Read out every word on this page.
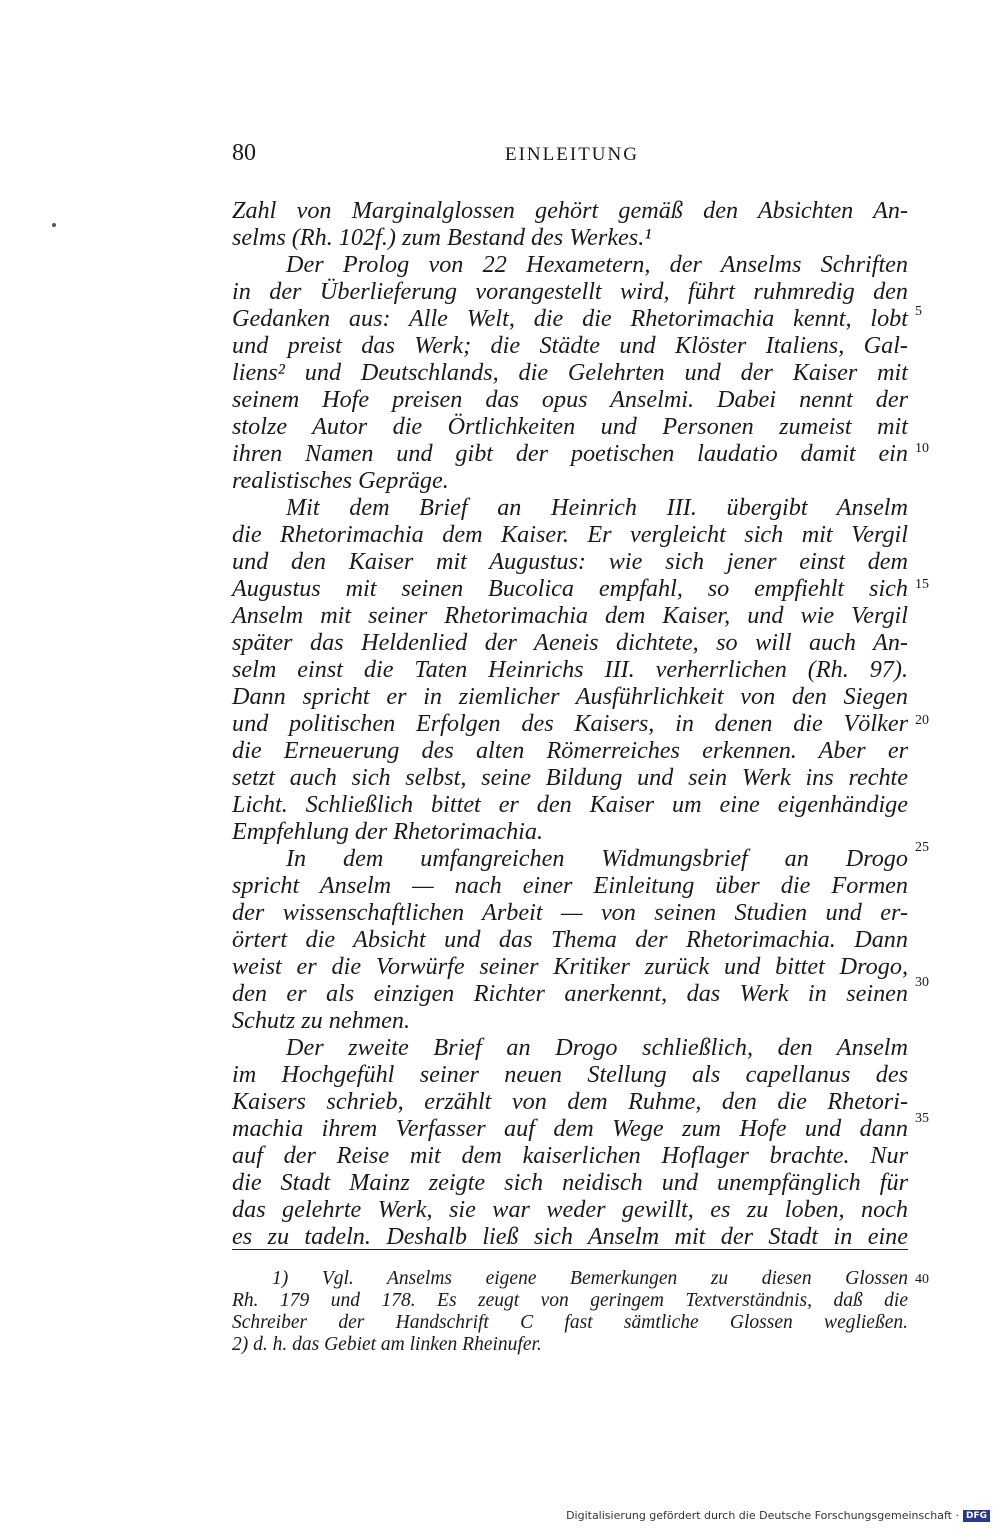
80	EINLEITUNG
Zahl von Marginalglossen gehört gemäß den Absichten An-
selms (Rh. 102f.) zum Bestand des Werkes.¹
Der Prolog von 22 Hexametern, der Anselms Schriften
in der Überlieferung vorangestellt wird, führt ruhmredig den
Gedanken aus: Alle Welt, die die Rhetorimachia kennt, lobt
und preist das Werk; die Städte und Klöster Italiens, Gal-
liens² und Deutschlands, die Gelehrten und der Kaiser mit
seinem Hofe preisen das opus Anselmi. Dabei nennt der
stolze Autor die Örtlichkeiten und Personen zumeist mit
ihren Namen und gibt der poetischen laudatio damit ein
realistisches Gepräge.
Mit dem Brief an Heinrich III. übergibt Anselm
die Rhetorimachia dem Kaiser. Er vergleicht sich mit Vergil
und den Kaiser mit Augustus: wie sich jener einst dem
Augustus mit seinen Bucolica empfahl, so empfiehlt sich
Anselm mit seiner Rhetorimachia dem Kaiser, und wie Vergil
später das Heldenlied der Aeneis dichtete, so will auch An-
selm einst die Taten Heinrichs III. verherrlichen (Rh. 97).
Dann spricht er in ziemlicher Ausführlichkeit von den Siegen
und politischen Erfolgen des Kaisers, in denen die Völker
die Erneuerung des alten Römerreiches erkennen. Aber er
setzt auch sich selbst, seine Bildung und sein Werk ins rechte
Licht. Schließlich bittet er den Kaiser um eine eigenhändige
Empfehlung der Rhetorimachia.
In dem umfangreichen Widmungsbrief an Drogo
spricht Anselm — nach einer Einleitung über die Formen
der wissenschaftlichen Arbeit — von seinen Studien und er-
örtert die Absicht und das Thema der Rhetorimachia. Dann
weist er die Vorwürfe seiner Kritiker zurück und bittet Drogo,
den er als einzigen Richter anerkennt, das Werk in seinen
Schutz zu nehmen.
Der zweite Brief an Drogo schließlich, den Anselm
im Hochgefühl seiner neuen Stellung als capellanus des
Kaisers schrieb, erzählt von dem Ruhme, den die Rhetori-
machia ihrem Verfasser auf dem Wege zum Hofe und dann
auf der Reise mit dem kaiserlichen Hoflager brachte. Nur
die Stadt Mainz zeigte sich neidisch und unempfänglich für
das gelehrte Werk, sie war weder gewillt, es zu loben, noch
es zu tadeln. Deshalb ließ sich Anselm mit der Stadt in eine
5
10
15
20
25
30
35
40
1) Vgl. Anselms eigene Bemerkungen zu diesen Glossen
Rh. 179 und 178. Es zeugt von geringem Textverständnis, daß die
Schreiber der Handschrift C fast sämtliche Glossen wegließen.
2) d. h. das Gebiet am linken Rheinufer.
Digitalisierung gefördert durch die Deutsche Forschungsgemeinschaft · DFG
